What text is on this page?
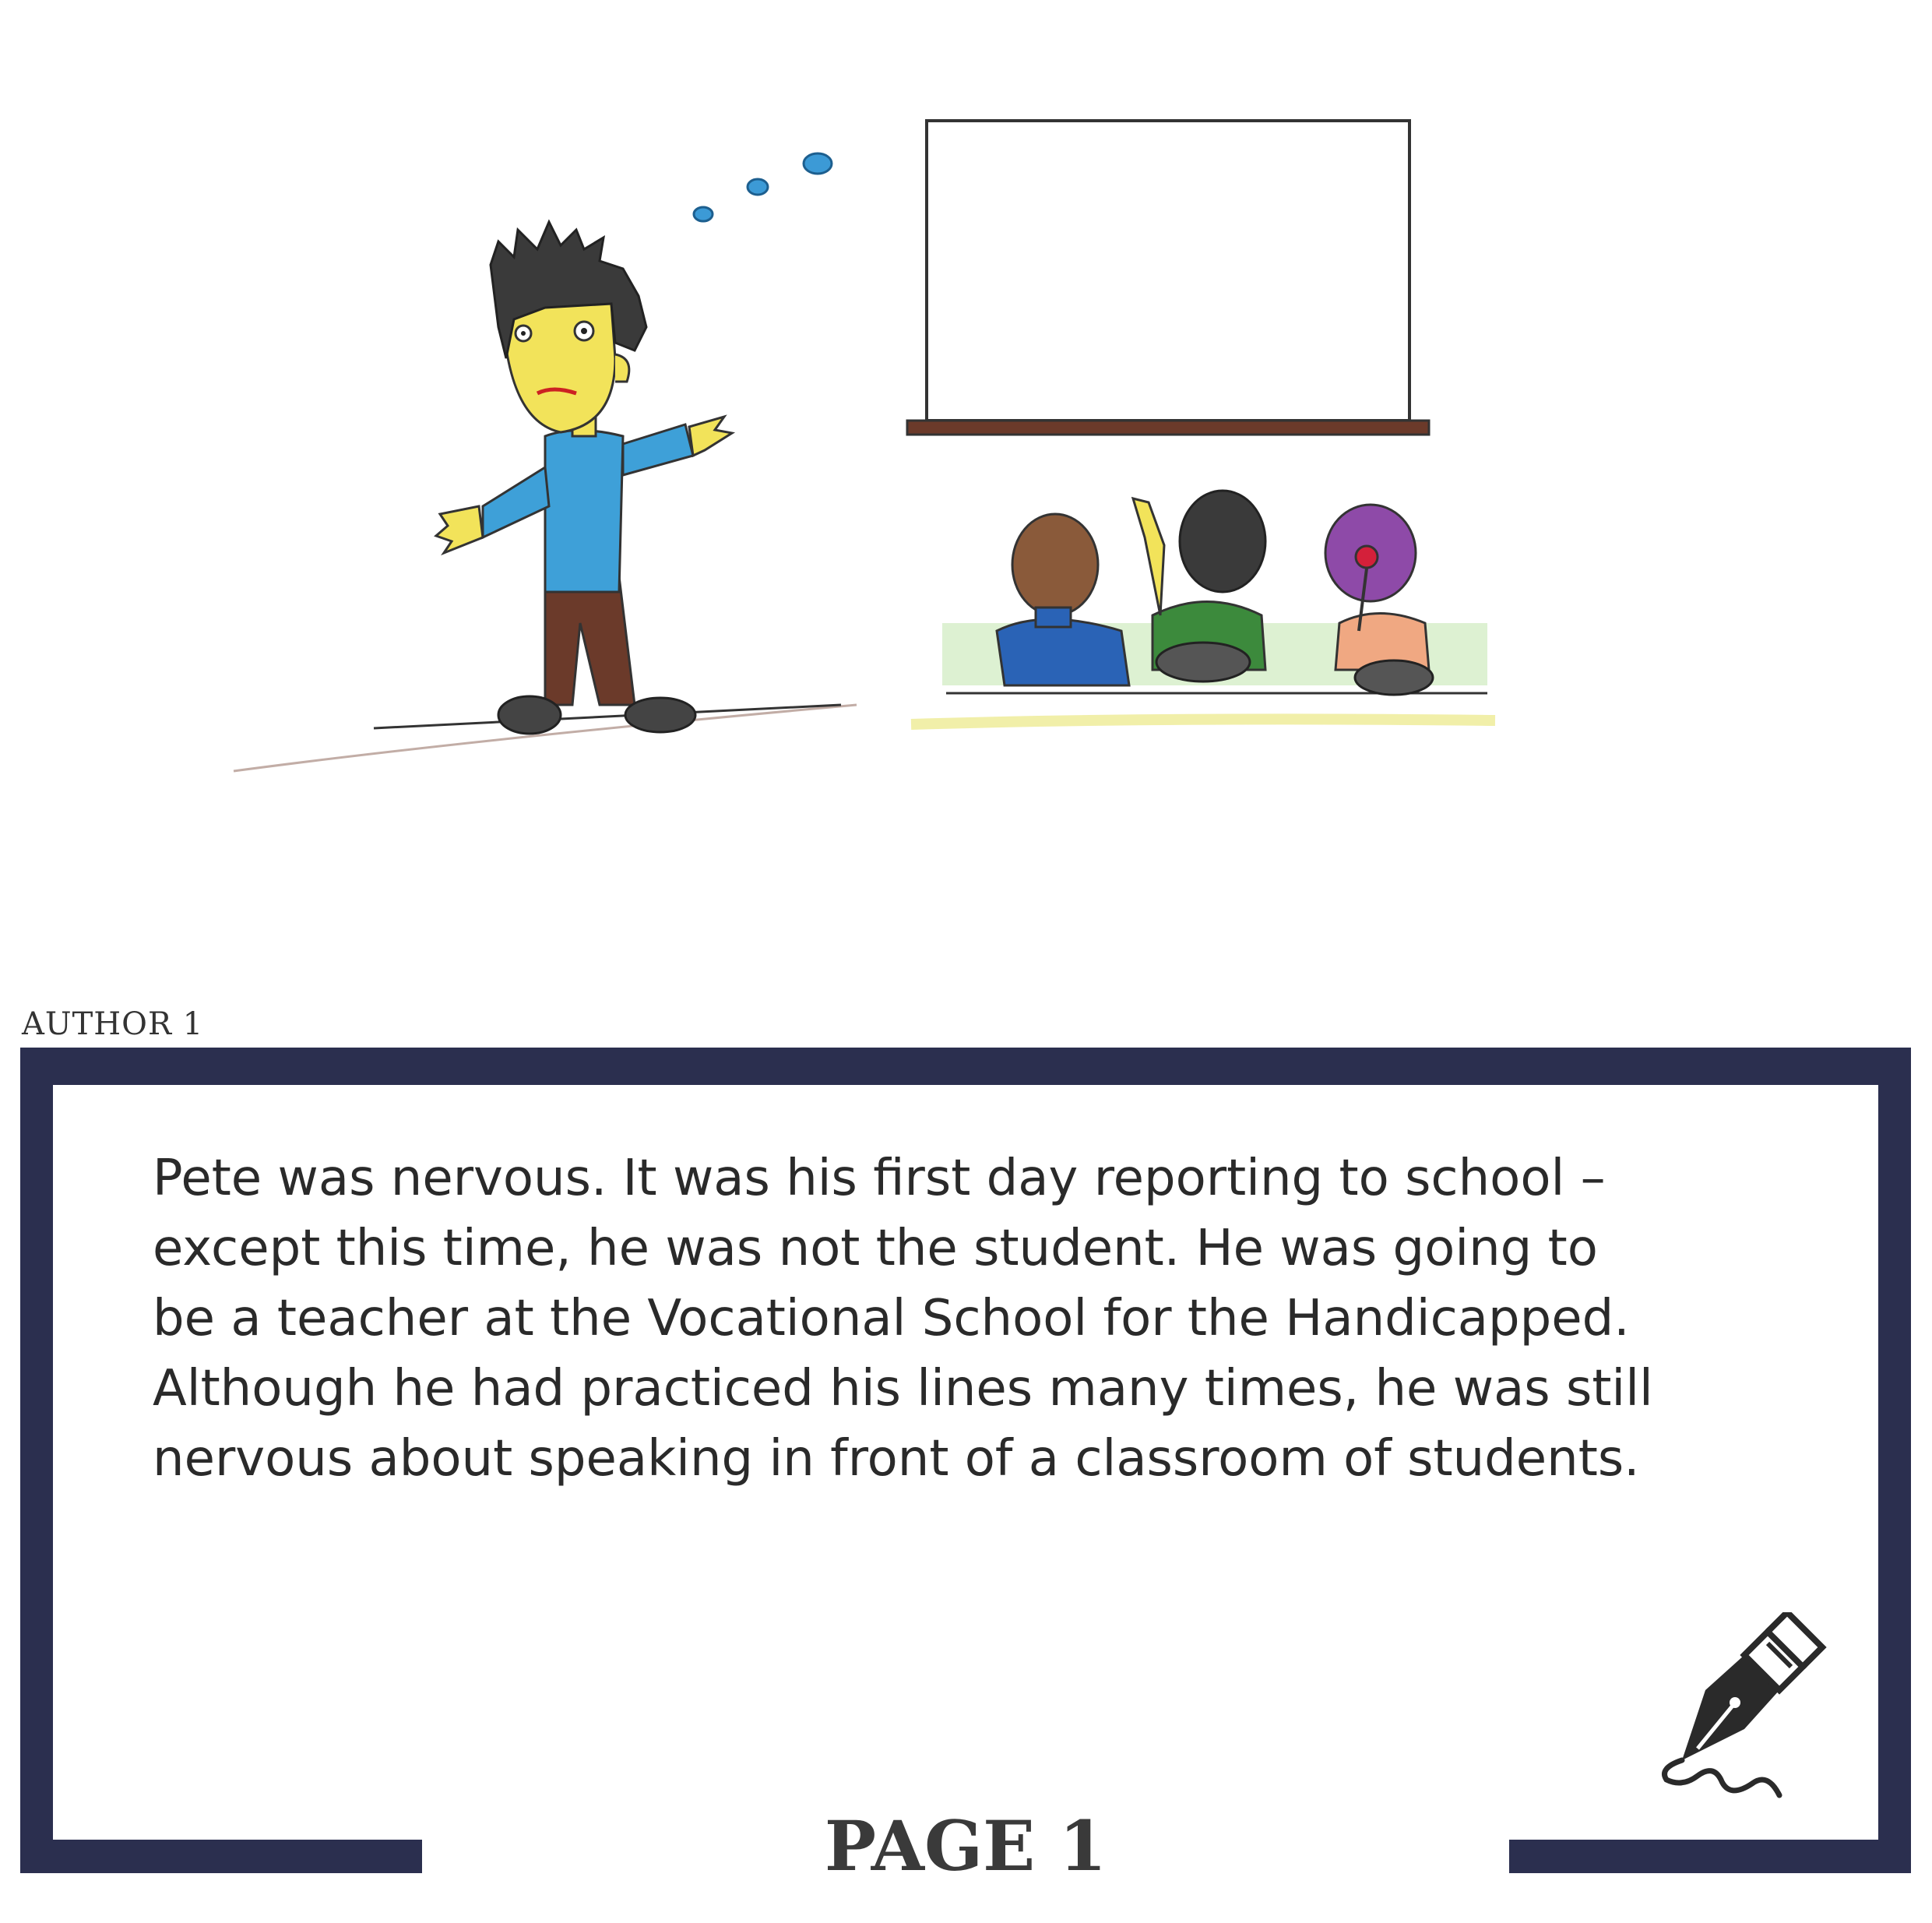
AUTHOR 1
Pete was nervous. It was his first day reporting to school –
except this time, he was not the student. He was going to
be a teacher at the Vocational School for the Handicapped.
Although he had practiced his lines many times, he was still
nervous about speaking in front of a classroom of students.
PAGE 1
